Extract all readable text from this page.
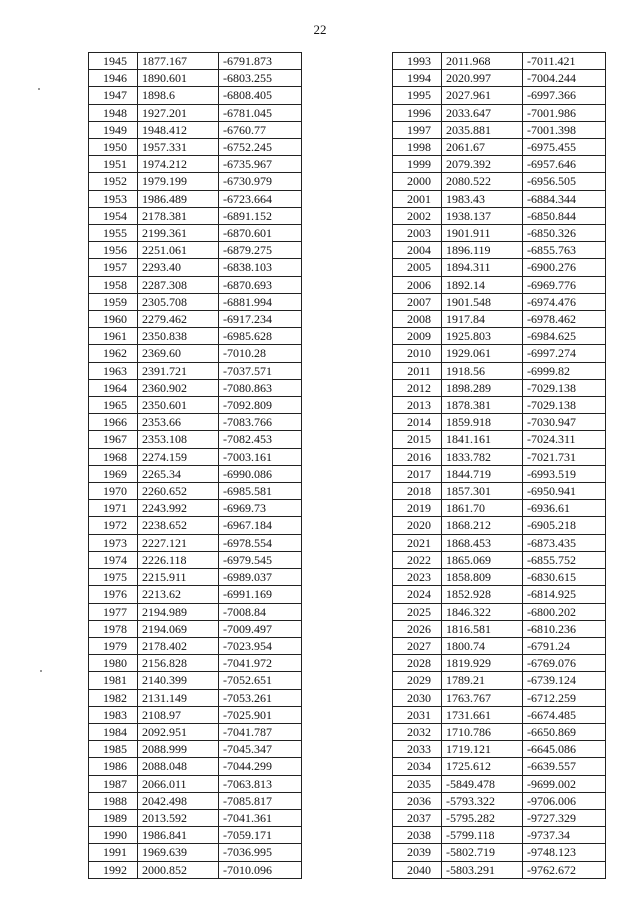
22
1945	1877.167	-6791.873
1946	1890.601	-6803.255
1947	1898.6	-6808.405
1948	1927.201	-6781.045
1949	1948.412	-6760.77
1950	1957.331	-6752.245
1951	1974.212	-6735.967
1952	1979.199	-6730.979
1953	1986.489	-6723.664
1954	2178.381	-6891.152
1955	2199.361	-6870.601
1956	2251.061	-6879.275
1957	2293.40	-6838.103
1958	2287.308	-6870.693
1959	2305.708	-6881.994
1960	2279.462	-6917.234
1961	2350.838	-6985.628
1962	2369.60	-7010.28
1963	2391.721	-7037.571
1964	2360.902	-7080.863
1965	2350.601	-7092.809
1966	2353.66	-7083.766
1967	2353.108	-7082.453
1968	2274.159	-7003.161
1969	2265.34	-6990.086
1970	2260.652	-6985.581
1971	2243.992	-6969.73
1972	2238.652	-6967.184
1973	2227.121	-6978.554
1974	2226.118	-6979.545
1975	2215.911	-6989.037
1976	2213.62	-6991.169
1977	2194.989	-7008.84
1978	2194.069	-7009.497
1979	2178.402	-7023.954
1980	2156.828	-7041.972
1981	2140.399	-7052.651
1982	2131.149	-7053.261
1983	2108.97	-7025.901
1984	2092.951	-7041.787
1985	2088.999	-7045.347
1986	2088.048	-7044.299
1987	2066.011	-7063.813
1988	2042.498	-7085.817
1989	2013.592	-7041.361
1990	1986.841	-7059.171
1991	1969.639	-7036.995
1992	2000.852	-7010.096
1993	2011.968	-7011.421
1994	2020.997	-7004.244
1995	2027.961	-6997.366
1996	2033.647	-7001.986
1997	2035.881	-7001.398
1998	2061.67	-6975.455
1999	2079.392	-6957.646
2000	2080.522	-6956.505
2001	1983.43	-6884.344
2002	1938.137	-6850.844
2003	1901.911	-6850.326
2004	1896.119	-6855.763
2005	1894.311	-6900.276
2006	1892.14	-6969.776
2007	1901.548	-6974.476
2008	1917.84	-6978.462
2009	1925.803	-6984.625
2010	1929.061	-6997.274
2011	1918.56	-6999.82
2012	1898.289	-7029.138
2013	1878.381	-7029.138
2014	1859.918	-7030.947
2015	1841.161	-7024.311
2016	1833.782	-7021.731
2017	1844.719	-6993.519
2018	1857.301	-6950.941
2019	1861.70	-6936.61
2020	1868.212	-6905.218
2021	1868.453	-6873.435
2022	1865.069	-6855.752
2023	1858.809	-6830.615
2024	1852.928	-6814.925
2025	1846.322	-6800.202
2026	1816.581	-6810.236
2027	1800.74	-6791.24
2028	1819.929	-6769.076
2029	1789.21	-6739.124
2030	1763.767	-6712.259
2031	1731.661	-6674.485
2032	1710.786	-6650.869
2033	1719.121	-6645.086
2034	1725.612	-6639.557
2035	-5849.478	-9699.002
2036	-5793.322	-9706.006
2037	-5795.282	-9727.329
2038	-5799.118	-9737.34
2039	-5802.719	-9748.123
2040	-5803.291	-9762.672
